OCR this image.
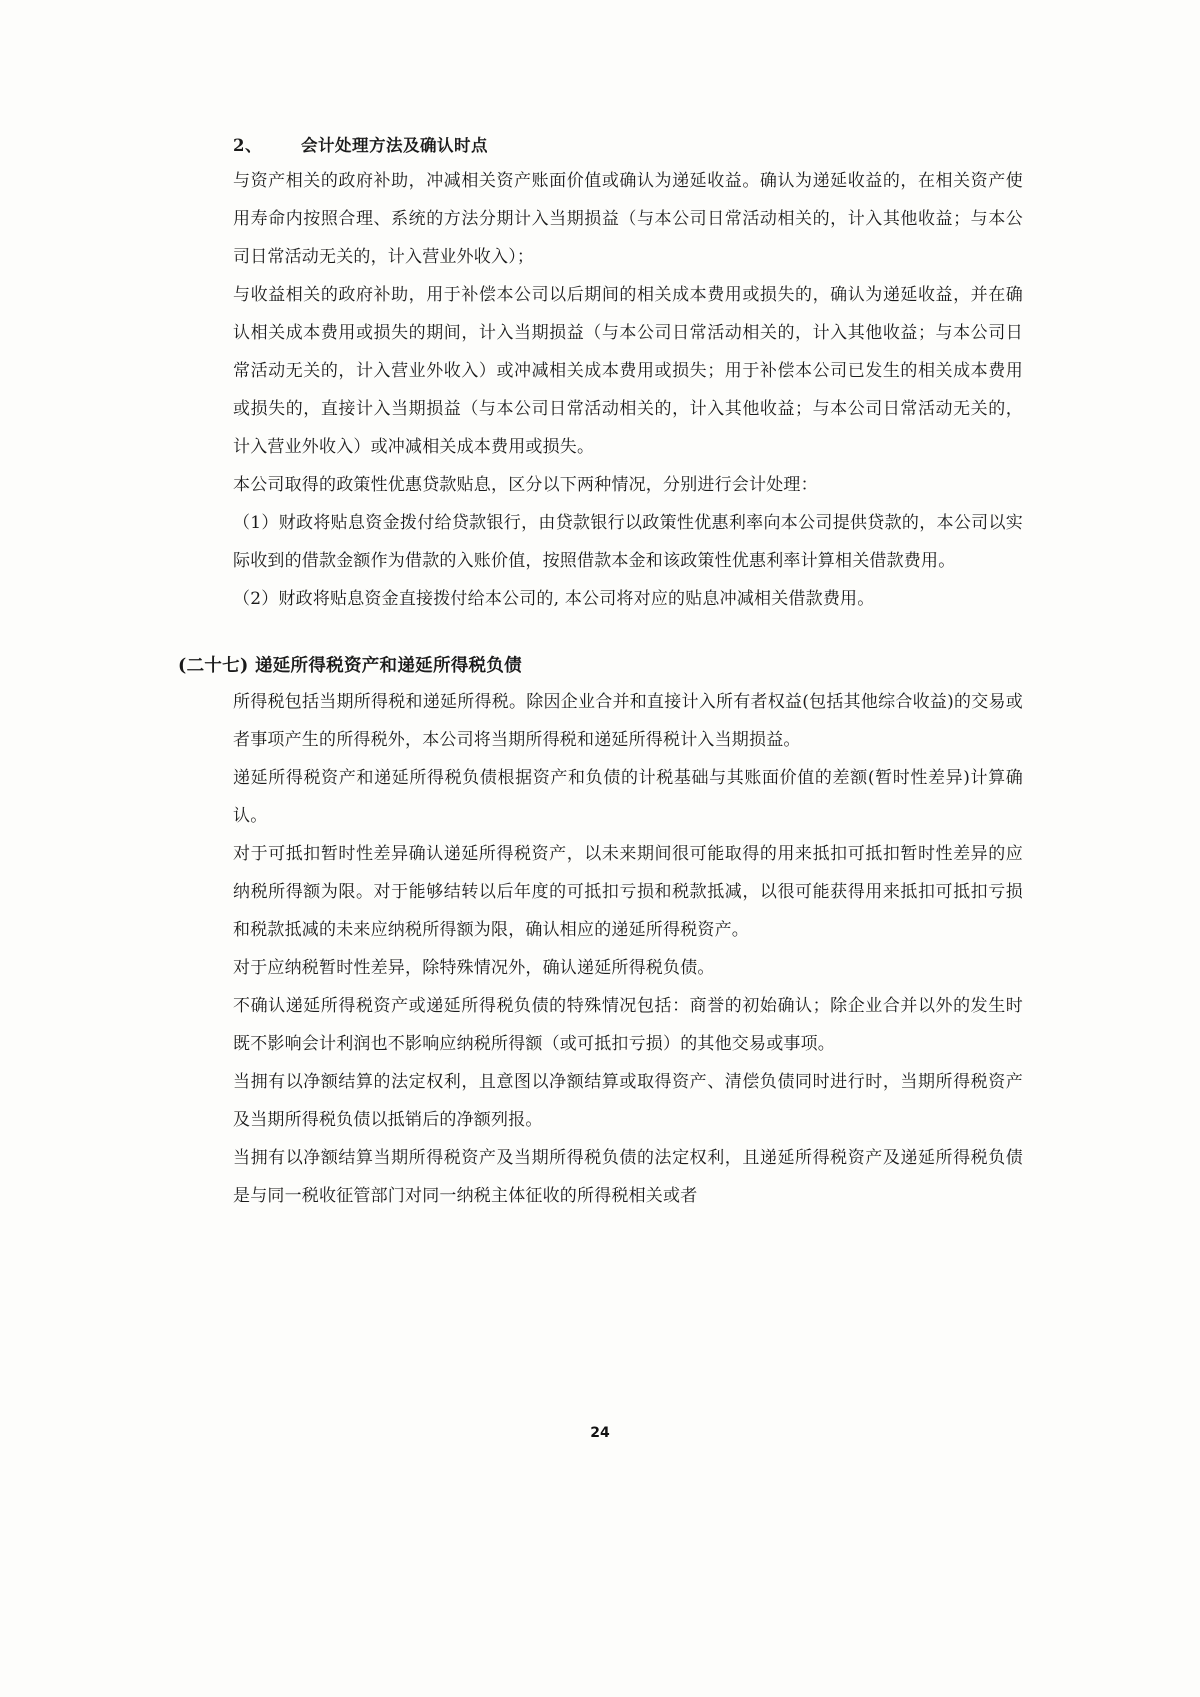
2、	会计处理方法及确认时点

与资产相关的政府补助，冲减相关资产账面价值或确认为递延收益。确认为递延收益的，在相关资产使用寿命内按照合理、系统的方法分期计入当期损益（与本公司日常活动相关的，计入其他收益；与本公司日常活动无关的，计入营业外收入）；

与收益相关的政府补助，用于补偿本公司以后期间的相关成本费用或损失的，确认为递延收益，并在确认相关成本费用或损失的期间，计入当期损益（与本公司日常活动相关的，计入其他收益；与本公司日常活动无关的，计入营业外收入）或冲减相关成本费用或损失；用于补偿本公司已发生的相关成本费用或损失的，直接计入当期损益（与本公司日常活动相关的，计入其他收益；与本公司日常活动无关的，计入营业外收入）或冲减相关成本费用或损失。

本公司取得的政策性优惠贷款贴息，区分以下两种情况，分别进行会计处理：

（1）财政将贴息资金拨付给贷款银行，由贷款银行以政策性优惠利率向本公司提供贷款的，本公司以实际收到的借款金额作为借款的入账价值，按照借款本金和该政策性优惠利率计算相关借款费用。

（2）财政将贴息资金直接拨付给本公司的, 本公司将对应的贴息冲减相关借款费用。

(二十七) 递延所得税资产和递延所得税负债

所得税包括当期所得税和递延所得税。除因企业合并和直接计入所有者权益(包括其他综合收益)的交易或者事项产生的所得税外，本公司将当期所得税和递延所得税计入当期损益。

递延所得税资产和递延所得税负债根据资产和负债的计税基础与其账面价值的差额(暂时性差异)计算确认。

对于可抵扣暂时性差异确认递延所得税资产，以未来期间很可能取得的用来抵扣可抵扣暂时性差异的应纳税所得额为限。对于能够结转以后年度的可抵扣亏损和税款抵减，以很可能获得用来抵扣可抵扣亏损和税款抵减的未来应纳税所得额为限，确认相应的递延所得税资产。

对于应纳税暂时性差异，除特殊情况外，确认递延所得税负债。

不确认递延所得税资产或递延所得税负债的特殊情况包括：商誉的初始确认；除企业合并以外的发生时既不影响会计利润也不影响应纳税所得额（或可抵扣亏损）的其他交易或事项。

当拥有以净额结算的法定权利，且意图以净额结算或取得资产、清偿负债同时进行时，当期所得税资产及当期所得税负债以抵销后的净额列报。

当拥有以净额结算当期所得税资产及当期所得税负债的法定权利，且递延所得税资产及递延所得税负债是与同一税收征管部门对同一纳税主体征收的所得税相关或者

24
